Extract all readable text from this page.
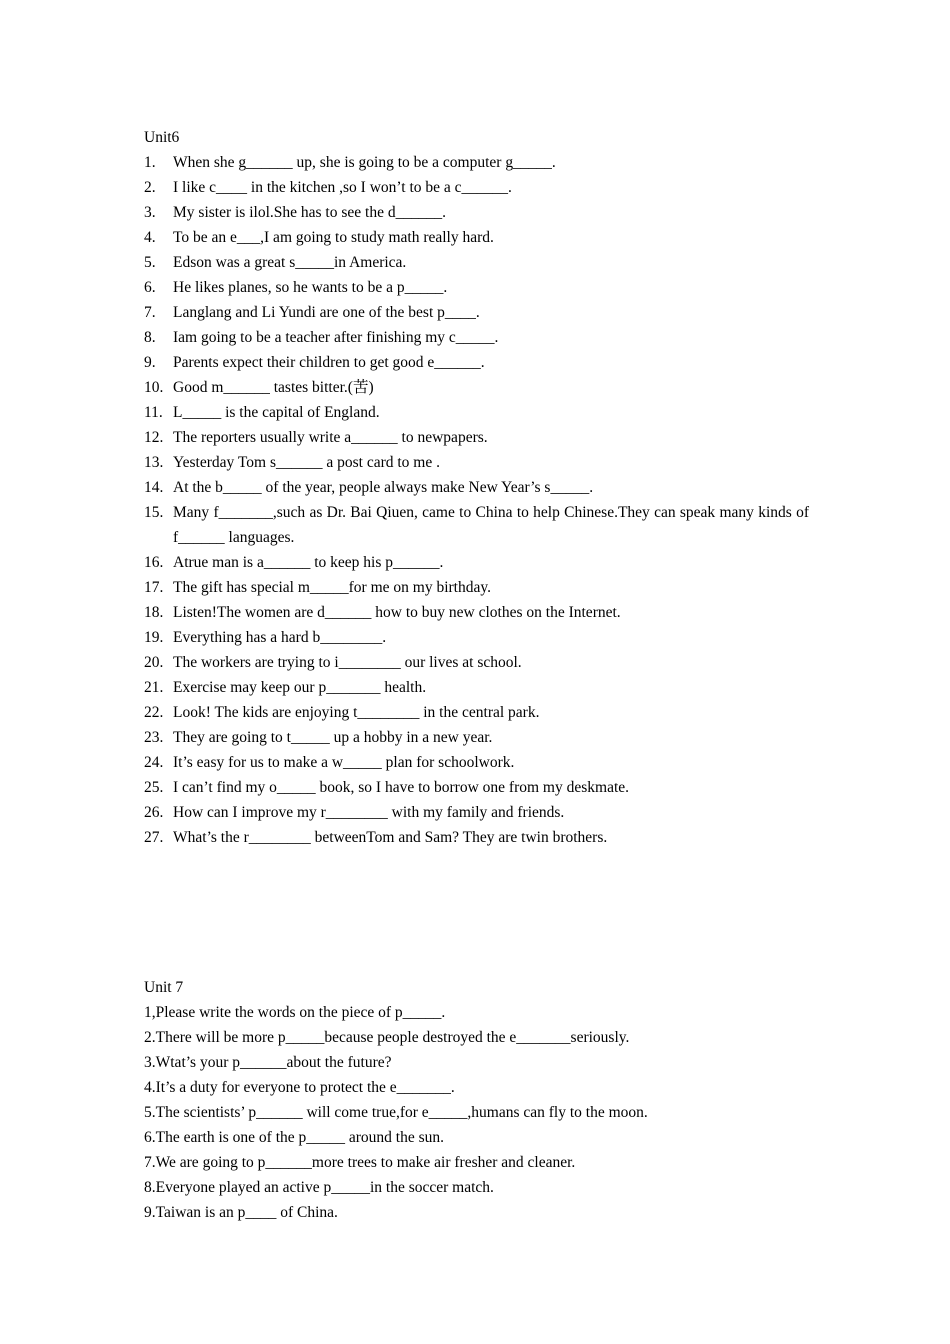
Unit6
1.	When she g______ up, she is going to be a computer g_____.
2.	I like c____ in the kitchen ,so I won’t to be a c______.
3.	My sister is ilol.She has to see the d______.
4.	To be an e___,I am going to study math really hard.
5.	Edson was a great s_____in America.
6.	He likes planes, so he wants to be a p_____.
7.	Langlang and Li Yundi are one of the best p____.
8.	Iam going to be a teacher after finishing my c_____.
9.	Parents expect their children to get good e______.
10. Good m______ tastes bitter.(苦)
11. L_____ is the capital of England.
12. The reporters usually write a______ to newpapers.
13. Yesterday Tom s______ a post card to me .
14. At the b_____ of the year, people always make New Year’s s_____.
15. Many f_______,such as Dr. Bai Qiuen, came to China to help Chinese.They can speak many kinds of f______ languages.
16. Atrue man is a______ to keep his p______.
17. The gift has special m_____for me on my birthday.
18. Listen!The women are d______ how to buy new clothes on the Internet.
19. Everything has a hard b________.
20. The workers are trying to i________ our lives at school.
21. Exercise may keep our p_______ health.
22. Look! The kids are enjoying t________ in the central park.
23. They are going to t_____ up a hobby in a new year.
24. It’s easy for us to make a w_____ plan for schoolwork.
25. I can’t find my o_____ book, so I have to borrow one from my deskmate.
26. How can I improve my r________ with my family and friends.
27. What’s the r________ betweenTom and Sam? They are twin brothers.
Unit 7
1,Please write the words on the piece of p_____.
2.There will be more p_____because people destroyed the e_______seriously.
3.Wtat’s your p______about the future?
4.It’s a duty for everyone to protect the e_______.
5.The scientists’ p______ will come true,for e_____,humans can fly to the moon.
6.The earth is one of the p_____ around the sun.
7.We are going to p______more trees to make air fresher and cleaner.
8.Everyone played an active p_____in the soccer match.
9.Taiwan is an p____ of China.
